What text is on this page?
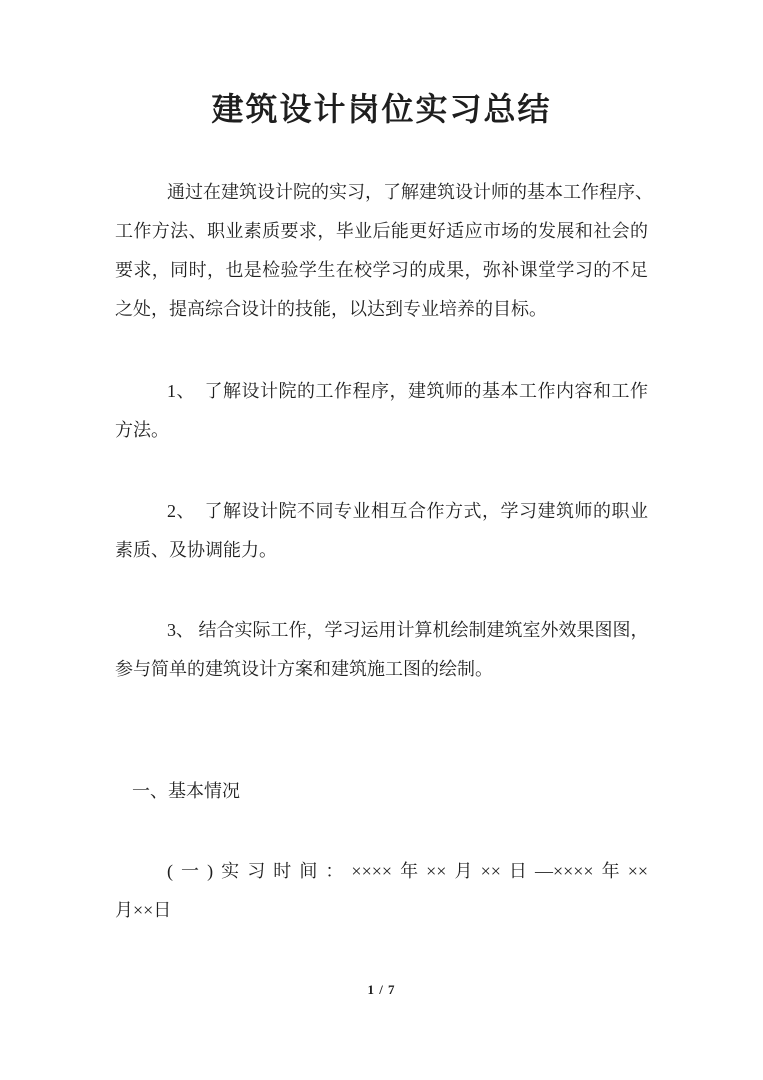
建筑设计岗位实习总结
通过在建筑设计院的实习，了解建筑设计师的基本工作程序、
工作方法、职业素质要求，毕业后能更好适应市场的发展和社会的
要求，同时，也是检验学生在校学习的成果，弥补课堂学习的不足
之处，提高综合设计的技能，以达到专业培养的目标。
1、　了解设计院的工作程序，建筑师的基本工作内容和工作
方法。
2、　了解设计院不同专业相互合作方式，学习建筑师的职业
素质、及协调能力。
3、 结合实际工作，学习运用计算机绘制建筑室外效果图图，
参与简单的建筑设计方案和建筑施工图的绘制。
一、基本情况
(一)实习时间：××××年××月××日—××××年××
月××日
1 / 7
